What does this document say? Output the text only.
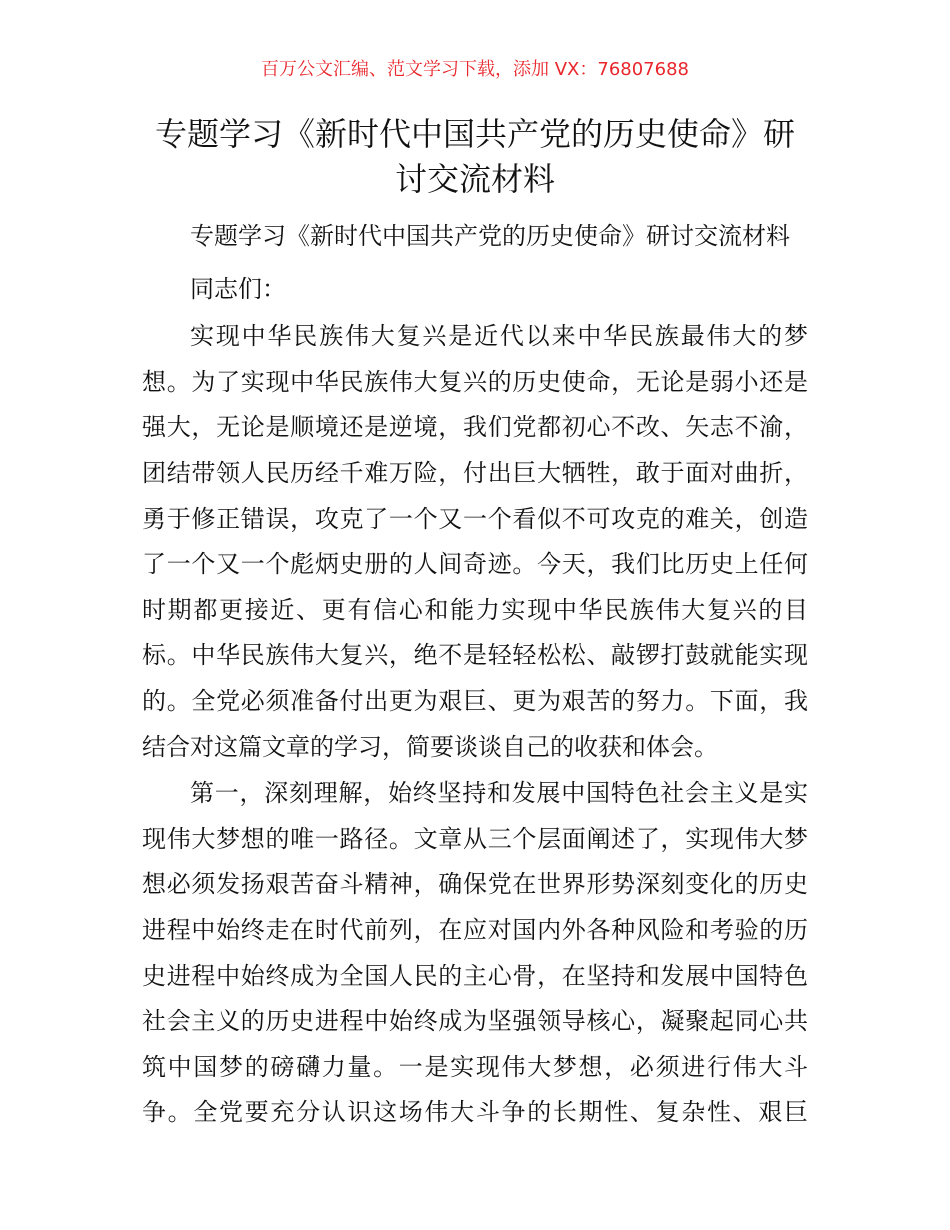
百万公文汇编、范文学习下载，添加 VX：76807688
专题学习《新时代中国共产党的历史使命》研
讨交流材料
专题学习《新时代中国共产党的历史使命》研讨交流材料
同志们：
实现中华民族伟大复兴是近代以来中华民族最伟大的梦
想。为了实现中华民族伟大复兴的历史使命，无论是弱小还是
强大，无论是顺境还是逆境，我们党都初心不改、矢志不渝，
团结带领人民历经千难万险，付出巨大牺牲，敢于面对曲折，
勇于修正错误，攻克了一个又一个看似不可攻克的难关，创造
了一个又一个彪炳史册的人间奇迹。今天，我们比历史上任何
时期都更接近、更有信心和能力实现中华民族伟大复兴的目
标。中华民族伟大复兴，绝不是轻轻松松、敲锣打鼓就能实现
的。全党必须准备付出更为艰巨、更为艰苦的努力。下面，我
结合对这篇文章的学习，简要谈谈自己的收获和体会。
第一，深刻理解，始终坚持和发展中国特色社会主义是实
现伟大梦想的唯一路径。文章从三个层面阐述了，实现伟大梦
想必须发扬艰苦奋斗精神，确保党在世界形势深刻变化的历史
进程中始终走在时代前列，在应对国内外各种风险和考验的历
史进程中始终成为全国人民的主心骨，在坚持和发展中国特色
社会主义的历史进程中始终成为坚强领导核心，凝聚起同心共
筑中国梦的磅礴力量。一是实现伟大梦想，必须进行伟大斗
争。全党要充分认识这场伟大斗争的长期性、复杂性、艰巨
